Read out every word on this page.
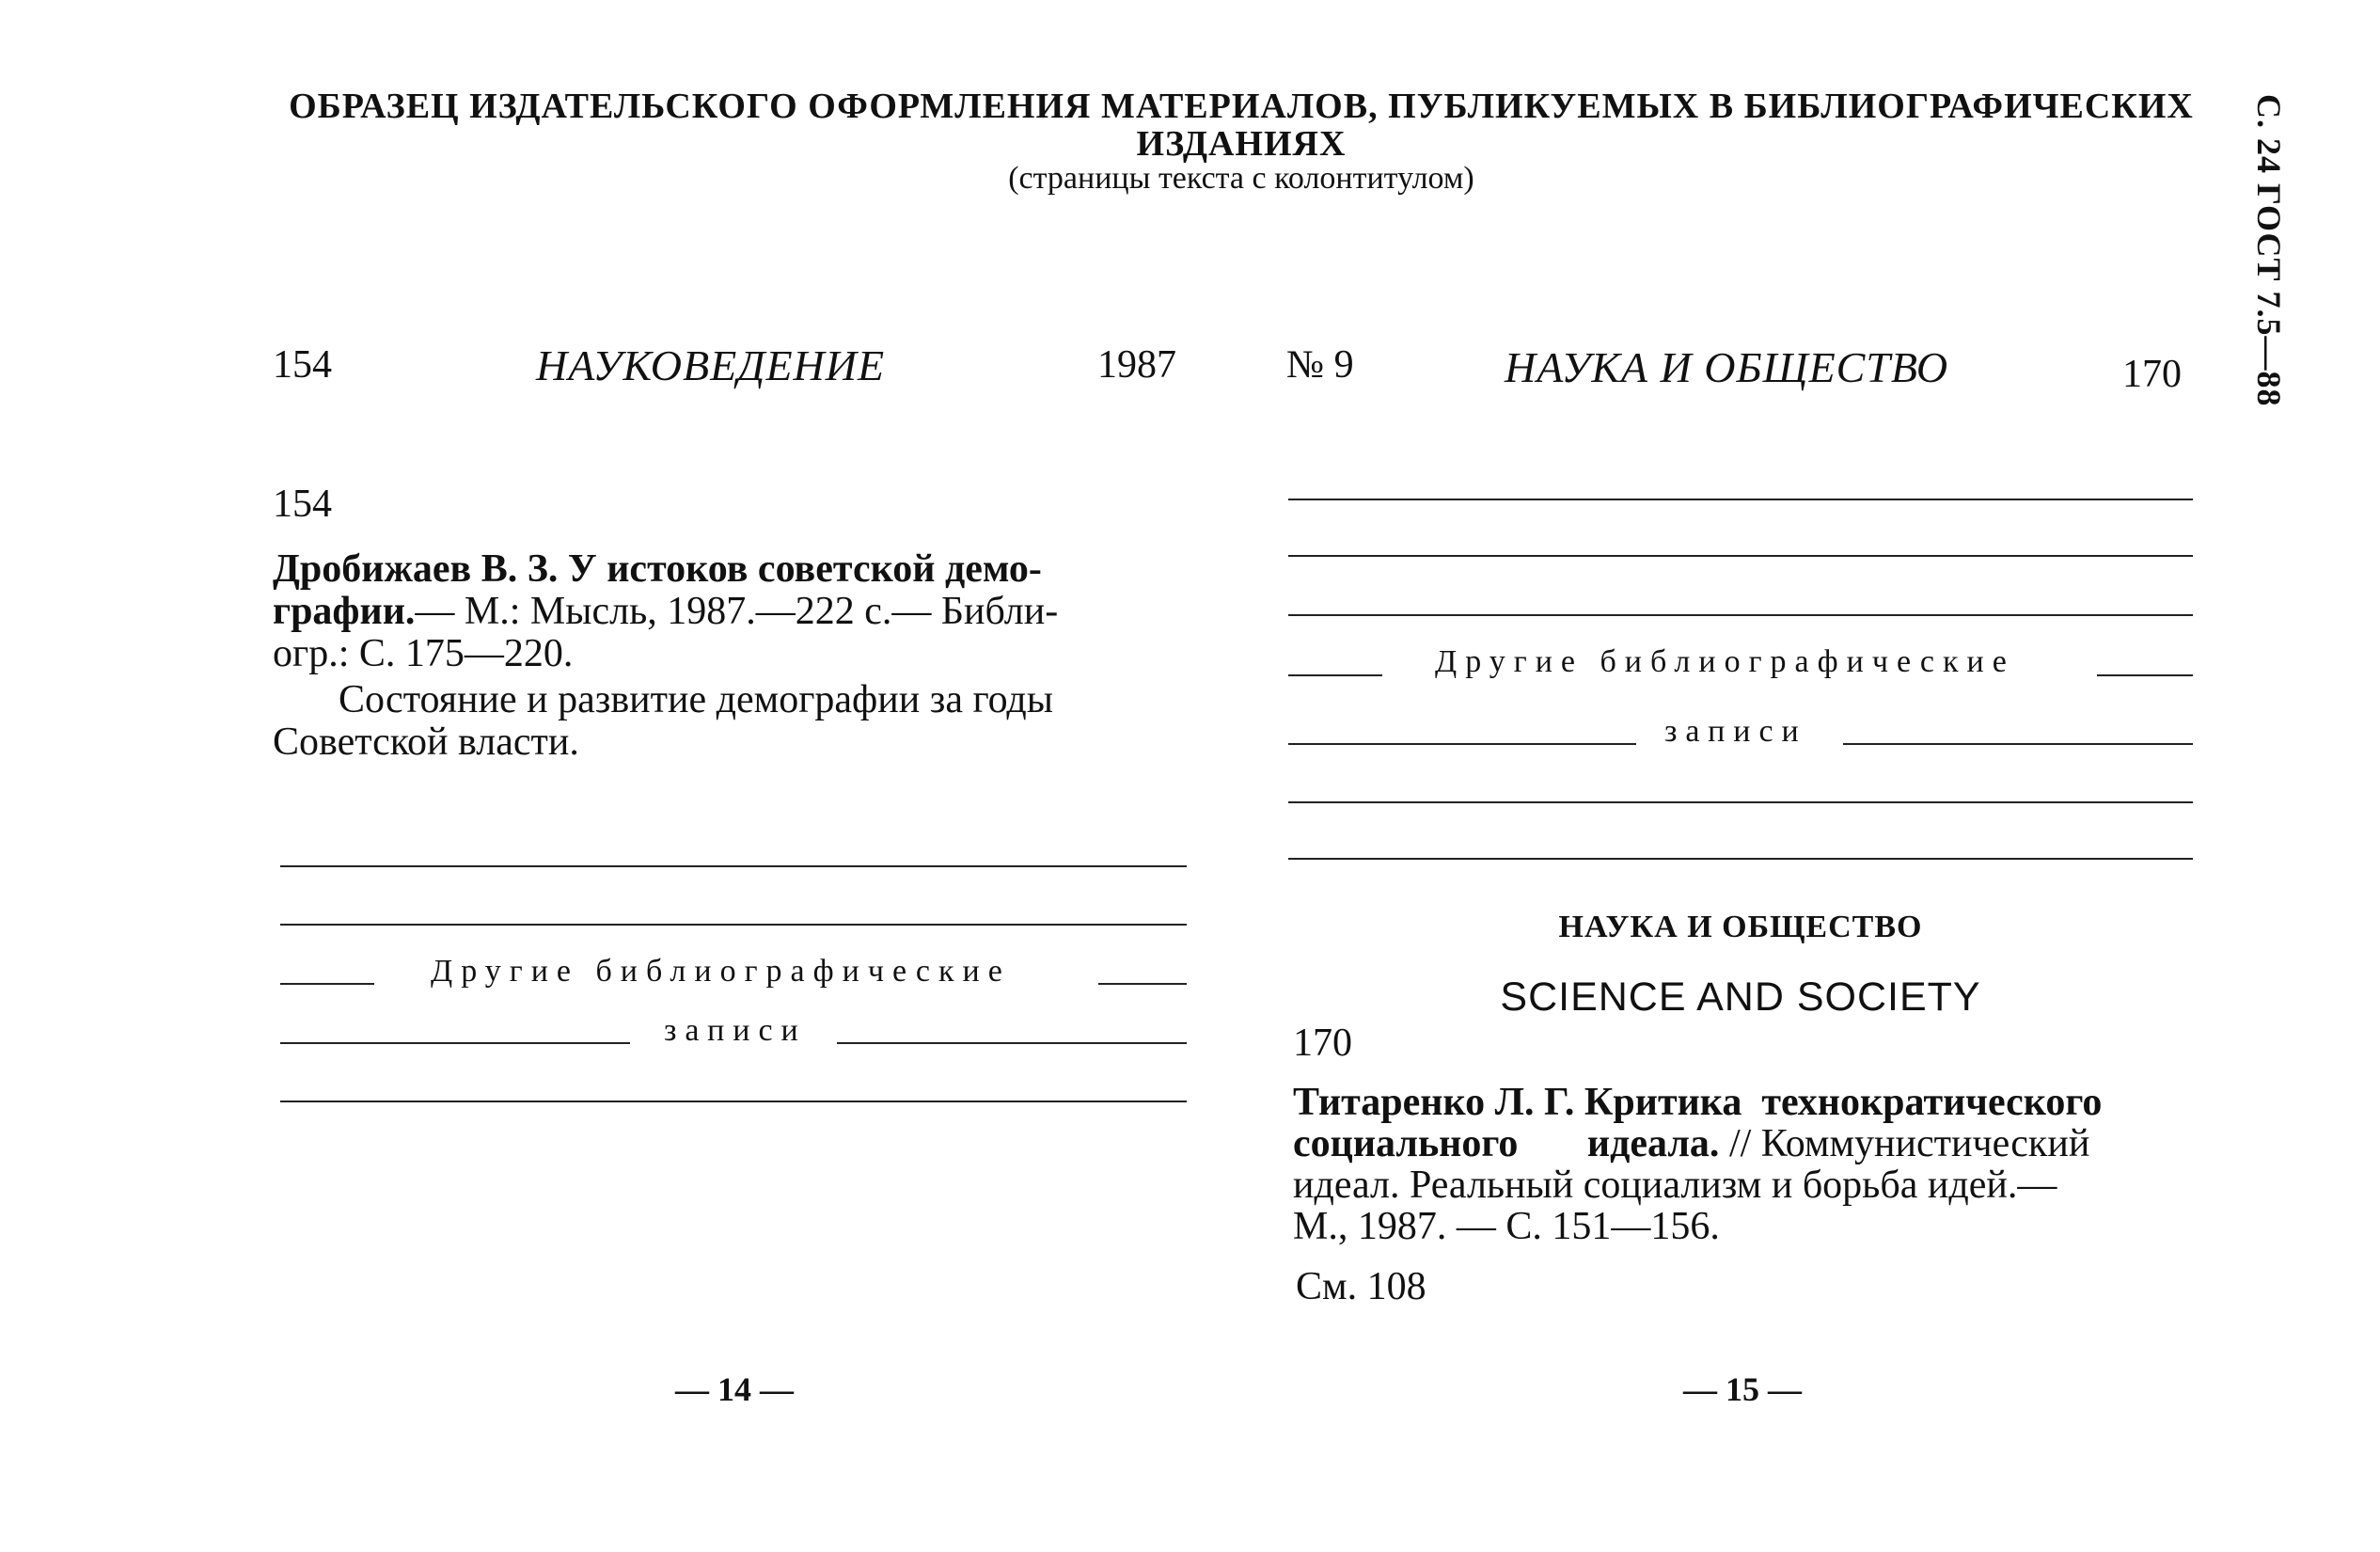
ОБРАЗЕЦ ИЗДАТЕЛЬСКОГО ОФОРМЛЕНИЯ МАТЕРИАЛОВ, ПУБЛИКУЕМЫХ В БИБЛИОГРАФИЧЕСКИХ
ИЗДАНИЯХ
(страницы текста с колонтитулом)	С. 24 ГОСТ 7.5—88
154	НАУКОВЕДЕНИЕ	1987
154
Дробижаев В. З. У истоков советской демо-
графии.— М.: Мысль, 1987.—222 с.— Библи-
огр.: С. 175—220.
Состояние и развитие демографии за годы
Советской власти.
Другие библиографические
записи
— 14 —
№ 9	НАУКА И ОБЩЕСТВО	170
Другие библиографические
записи
НАУКА И ОБЩЕСТВО
SCIENCE AND SOCIETY
170
Титаренко Л. Г. Критика  технократического
социального       идеала. // Коммунистический
идеал. Реальный социализм и борьба идей.—
М., 1987. — С. 151—156.
См. 108
— 15 —
